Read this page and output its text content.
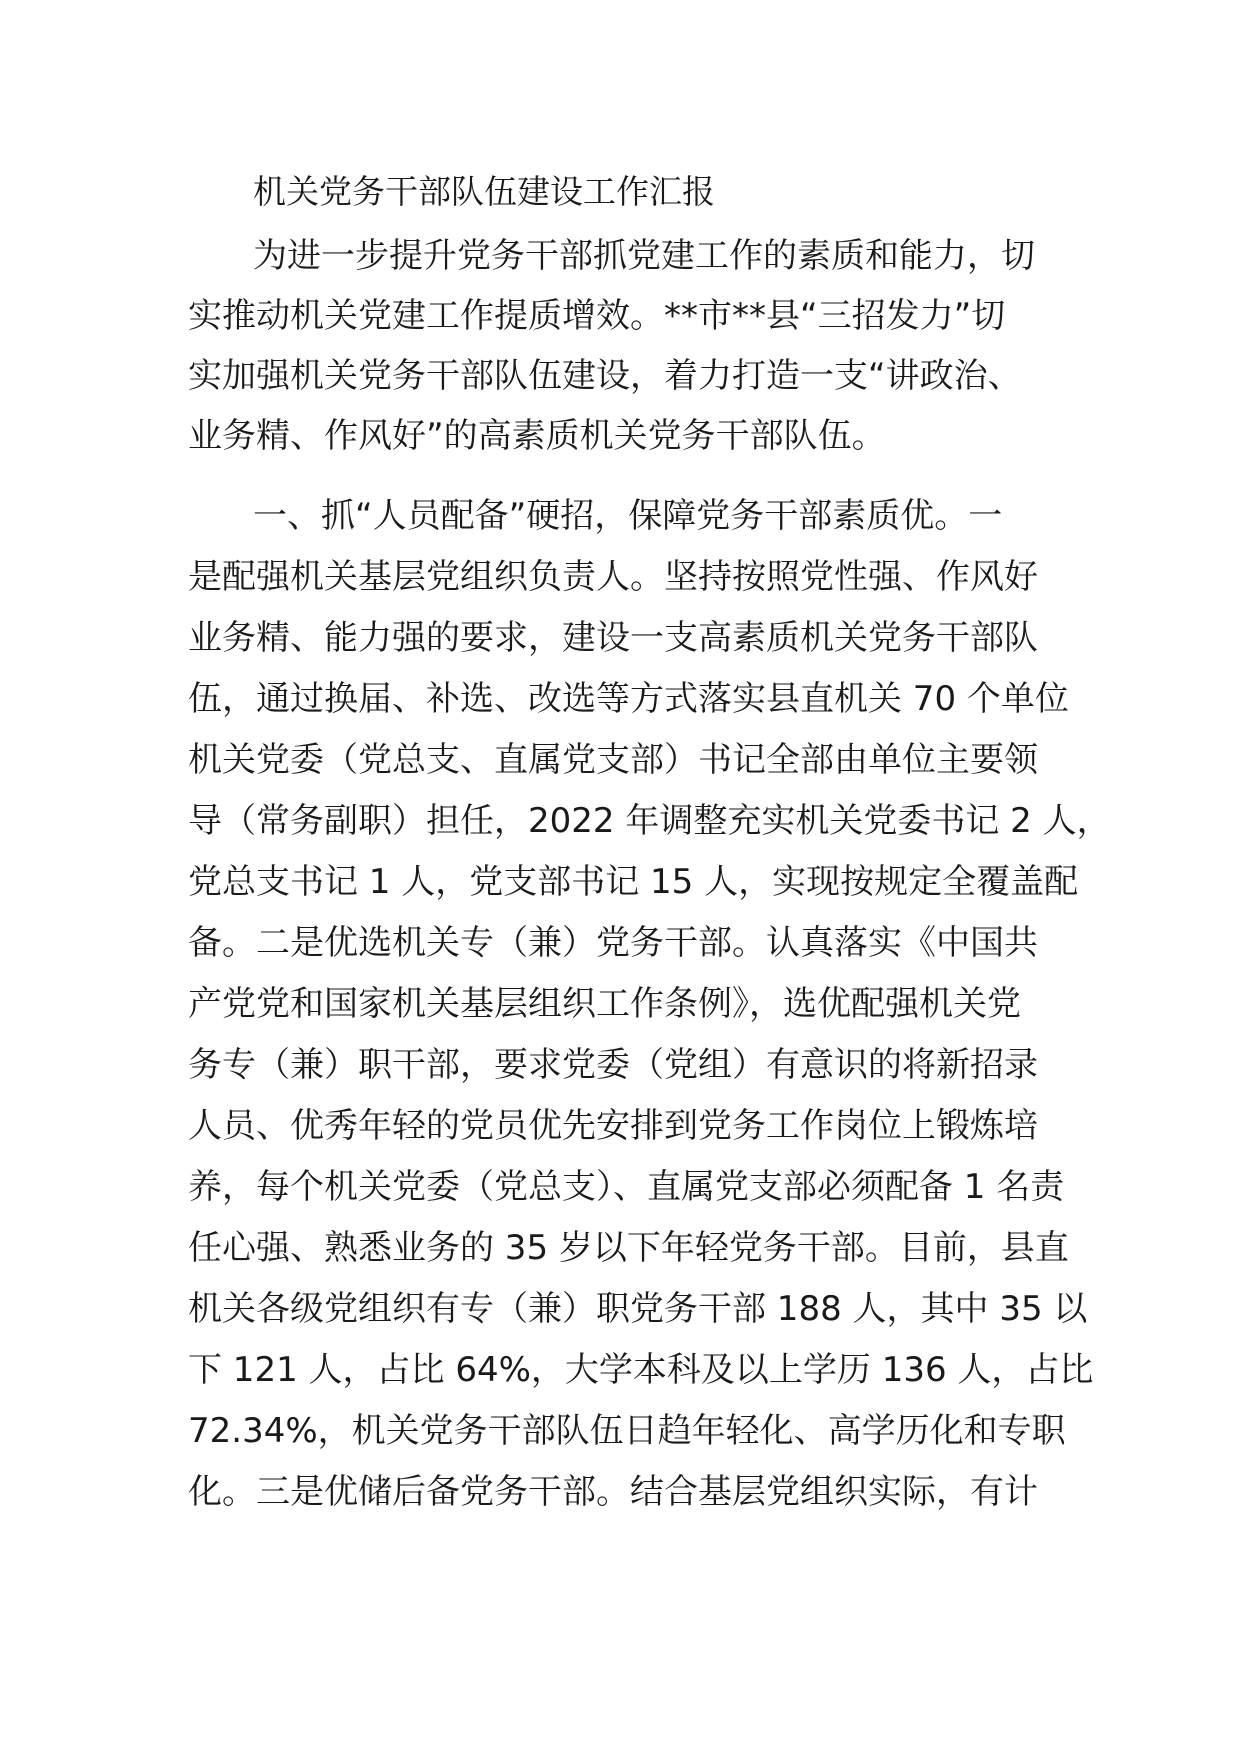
机关党务干部队伍建设工作汇报
为进一步提升党务干部抓党建工作的素质和能力，切
实推动机关党建工作提质增效。**市**县“三招发力”切
实加强机关党务干部队伍建设，着力打造一支“讲政治、
业务精、作风好”的高素质机关党务干部队伍。
一、抓“人员配备”硬招，保障党务干部素质优。一
是配强机关基层党组织负责人。坚持按照党性强、作风好
业务精、能力强的要求，建设一支高素质机关党务干部队
伍，通过换届、补选、改选等方式落实县直机关 70 个单位
机关党委（党总支、直属党支部）书记全部由单位主要领
导（常务副职）担任，2022 年调整充实机关党委书记 2 人，
党总支书记 1 人，党支部书记 15 人，实现按规定全覆盖配
备。二是优选机关专（兼）党务干部。认真落实《中国共
产党党和国家机关基层组织工作条例》，选优配强机关党
务专（兼）职干部，要求党委（党组）有意识的将新招录
人员、优秀年轻的党员优先安排到党务工作岗位上锻炼培
养，每个机关党委（党总支）、直属党支部必须配备 1 名责
任心强、熟悉业务的 35 岁以下年轻党务干部。目前，县直
机关各级党组织有专（兼）职党务干部 188 人，其中 35 以
下 121 人，占比 64%，大学本科及以上学历 136 人，占比
72.34%，机关党务干部队伍日趋年轻化、高学历化和专职
化。三是优储后备党务干部。结合基层党组织实际，有计
